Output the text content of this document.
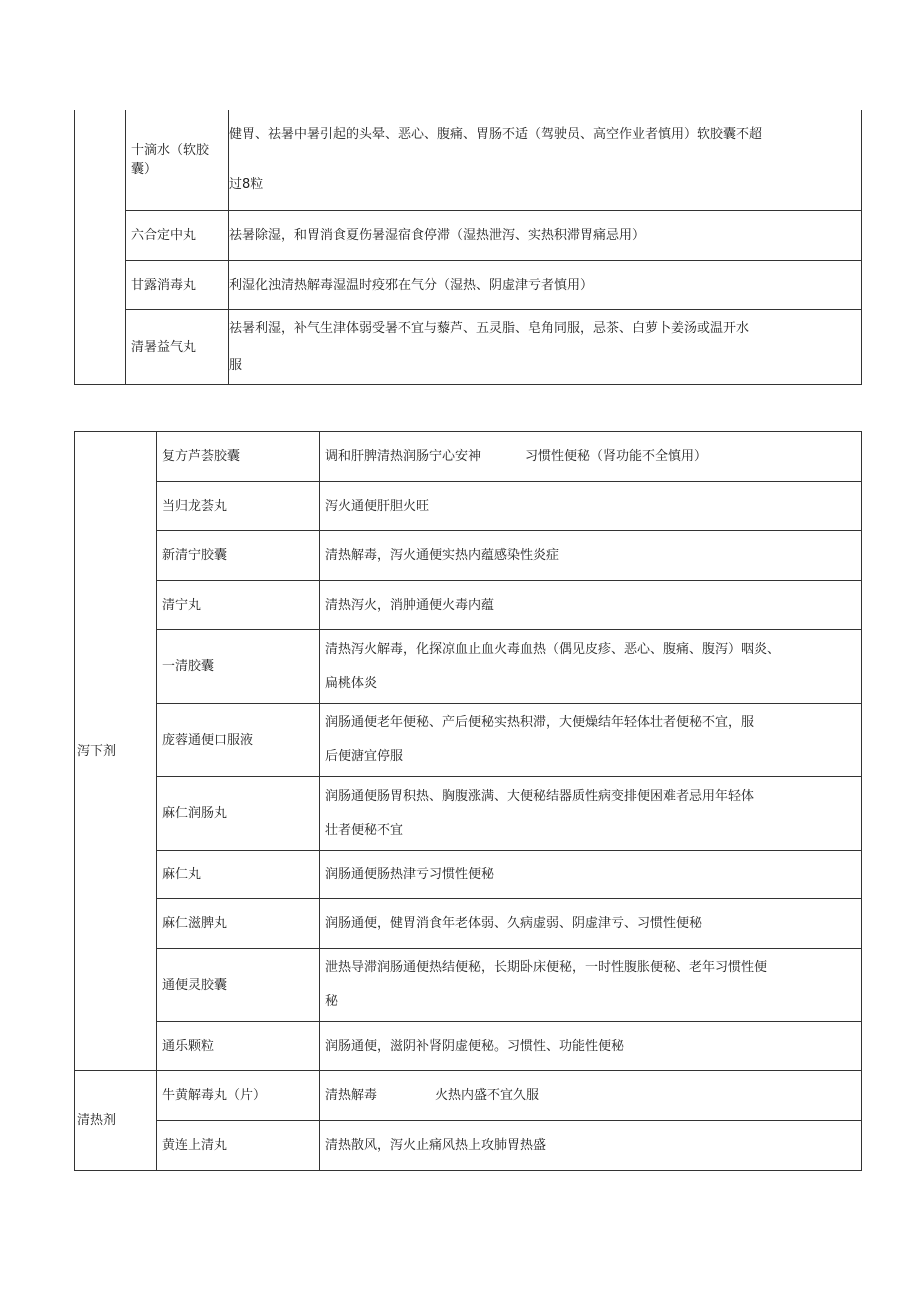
	十滴水（软胶囊）	健胃、祛暑中暑引起的头晕、恶心、腹痛、胃肠不适（驾驶员、高空作业者慎用）软胶囊不超
过8粒

	六合定中丸	祛暑除湿，和胃消食夏伤暑湿宿食停滞（湿热泄泻、实热积滞胃痛忌用）

	甘露消毒丸	利湿化浊清热解毒湿温时疫邪在气分（湿热、阴虚津亏者慎用）

	清暑益气丸	祛暑利湿，补气生津体弱受暑不宜与藜芦、五灵脂、皂角同服，忌茶、白萝卜姜汤或温开水
服
泻下剂	复方芦荟胶囊	调和肝脾清热润肠宁心安神 习惯性便秘（肾功能不全慎用）
	当归龙荟丸	泻火通便肝胆火旺
	新清宁胶囊	清热解毒，泻火通便实热内蕴感染性炎症
	清宁丸	清热泻火，消肿通便火毒内蕴
	一清胶囊	清热泻火解毒，化探凉血止血火毒血热（偶见皮疹、恶心、腹痛、腹泻）咽炎、
扁桃体炎

	庞蓉通便口服液	润肠通便老年便秘、产后便秘实热积滞，大便燥结年轻体壮者便秘不宜，服
后便溏宜停服

	麻仁润肠丸	润肠通便肠胃积热、胸腹涨满、大便秘结器质性病变排便困难者忌用年轻体
壮者便秘不宜

	麻仁丸	润肠通便肠热津亏习惯性便秘
	麻仁滋脾丸	润肠通便，健胃消食年老体弱、久病虚弱、阴虚津亏、习惯性便秘
	通便灵胶囊	泄热导滞润肠通便热结便秘，长期卧床便秘，一时性腹胀便秘、老年习惯性便
秘

	通乐颗粒	润肠通便，滋阴补肾阴虚便秘。习惯性、功能性便秘
清热剂	牛黄解毒丸（片）	清热解毒 火热内盛不宜久服
	黄连上清丸	清热散风，泻火止痛风热上攻肺胃热盛
